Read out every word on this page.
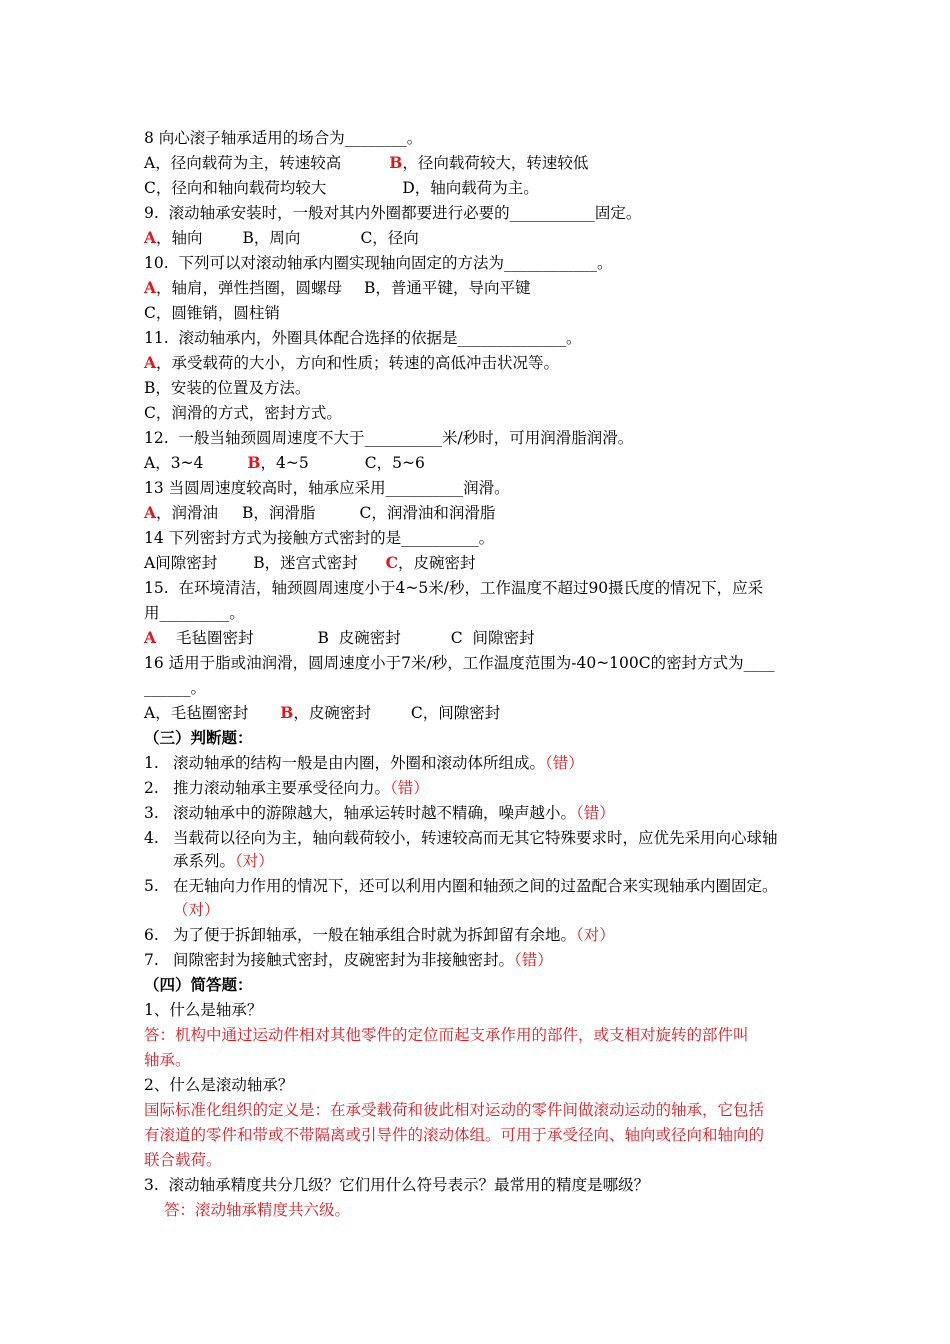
8 向心滚子轴承适用的场合为________。
A，径向载荷为主，转速较高	B，径向载荷较大，转速较低
C，径向和轴向载荷均较大	D，轴向载荷为主。
9.  滚动轴承安装时，一般对其内外圈都要进行必要的___________固定。
A，轴向	B，周向	C，径向
10.  下列可以对滚动轴承内圈实现轴向固定的方法为____________。
A，轴肩，弹性挡圈，圆螺母 B，普通平键，导向平键
C，圆锥销，圆柱销
11.  滚动轴承内，外圈具体配合选择的依据是______________。
A，承受载荷的大小，方向和性质；转速的高低冲击状况等。
B，安装的位置及方法。
C，润滑的方式，密封方式。
12.  一般当轴颈圆周速度不大于__________米/秒时，可用润滑脂润滑。
A，3~4	B，4~5	C，5~6
13 当圆周速度较高时，轴承应采用__________润滑。
A，润滑油 B，润滑脂	C，润滑油和润滑脂
14 下列密封方式为接触方式密封的是__________。
A间隙密封 B，迷宫式密封 C，皮碗密封
15.  在环境清洁，轴颈圆周速度小于4~5米/秒，工作温度不超过90摄氏度的情况下，应采
用_________。
A 毛毡圈密封	B  皮碗密封	C  间隙密封
16 适用于脂或油润滑，圆周速度小于7米/秒，工作温度范围为-40~100C的密封方式为____
______。
A，毛毡圈密封 B，皮碗密封	C，间隙密封
（三）判断题：
1. 滚动轴承的结构一般是由内圈，外圈和滚动体所组成。（错）
2. 推力滚动轴承主要承受径向力。（错）
3. 滚动轴承中的游隙越大，轴承运转时越不精确，噪声越小。（错）
4. 当载荷以径向为主，轴向载荷较小，转速较高而无其它特殊要求时，应优先采用向心球轴
承系列。（对）
5. 在无轴向力作用的情况下，还可以利用内圈和轴颈之间的过盈配合来实现轴承内圈固定。
（对）
6. 为了便于拆卸轴承，一般在轴承组合时就为拆卸留有余地。（对）
7. 间隙密封为接触式密封，皮碗密封为非接触密封。（错）
（四）简答题：
1、什么是轴承？
答：机构中通过运动件相对其他零件的定位而起支承作用的部件，或支相对旋转的部件叫
轴承。
2、什么是滚动轴承？
国际标准化组织的定义是：在承受载荷和彼此相对运动的零件间做滚动运动的轴承，它包括
有滚道的零件和带或不带隔离或引导件的滚动体组。可用于承受径向、轴向或径向和轴向的
联合载荷。
3.  滚动轴承精度共分几级？它们用什么符号表示？最常用的精度是哪级？
答：滚动轴承精度共六级。
